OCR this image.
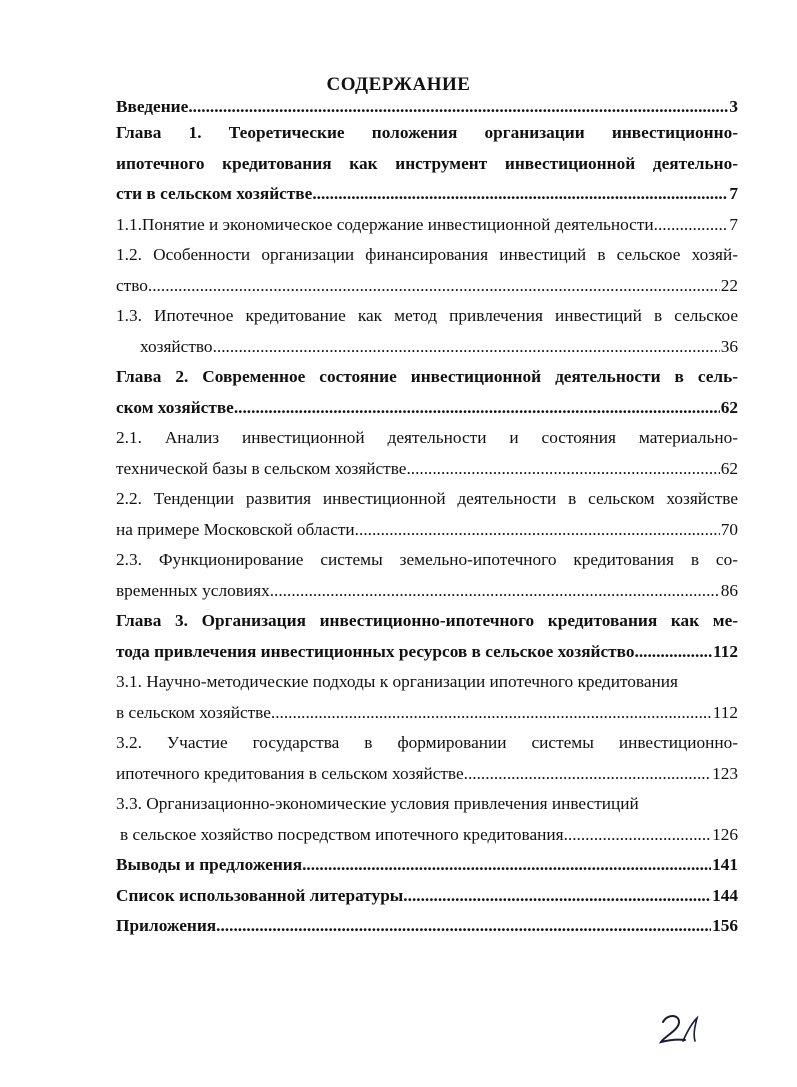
СОДЕРЖАНИЕ
Введение .....	3
Глава 1. Теоретические положения организации инвестиционно-
ипотечного кредитования как инструмент инвестиционной деятельно-
сти в сельском хозяйстве .....	7
1.1.Понятие и экономическое содержание инвестиционной деятельности .....	7
1.2. Особенности организации финансирования инвестиций в сельское хозяй-
ство .....	22
1.3. Ипотечное кредитование как метод привлечения инвестиций в сельское
хозяйство .....	36
Глава 2. Современное состояние инвестиционной деятельности в сель-
ском хозяйстве .....	62
2.1. Анализ инвестиционной деятельности и состояния материально-
технической базы в сельском хозяйстве .....	62
2.2. Тенденции развития инвестиционной деятельности в сельском хозяйстве
на примере Московской области .....	70
2.3. Функционирование системы земельно-ипотечного кредитования в со-
временных условиях .....	86
Глава 3. Организация инвестиционно-ипотечного кредитования как ме-
тода привлечения инвестиционных ресурсов в сельское хозяйство .....	112
3.1. Научно-методические подходы к организации ипотечного кредитования
в сельском хозяйстве .....	112
3.2. Участие государства в формировании системы инвестиционно-
ипотечного кредитования в сельском хозяйстве .....	123
3.3. Организационно-экономические условия привлечения инвестиций
в сельское хозяйство посредством ипотечного кредитования .....	126
Выводы и предложения .....	141
Список использованной литературы .....	144
Приложения .....	156
